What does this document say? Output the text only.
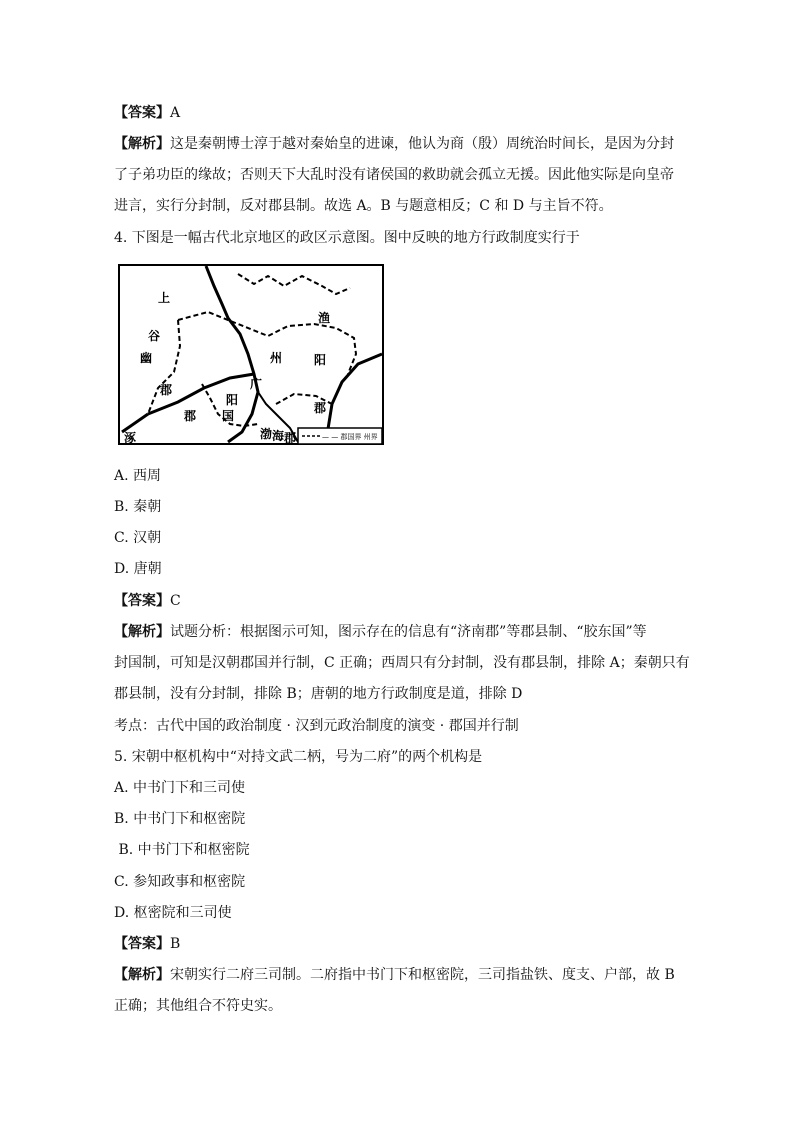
【答案】A
【解析】这是秦朝博士淳于越对秦始皇的进谏，他认为商（殷）周统治时间长，是因为分封
了子弟功臣的缘故；否则天下大乱时没有诸侯国的救助就会孤立无援。因此他实际是向皇帝
进言，实行分封制，反对郡县制。故选 A。B 与题意相反；C 和 D 与主旨不符。
4. 下图是一幅古代北京地区的政区示意图。图中反映的地方行政制度实行于
— — 郡国界 州界
上
谷
幽
郡
渔
州	阳
郡
广
阳
国
涿
郡
渤 海 郡
A. 西周
B. 秦朝
C. 汉朝
D. 唐朝
【答案】C
【解析】试题分析：根据图示可知，图示存在的信息有“济南郡”等郡县制、“胶东国”等
封国制，可知是汉朝郡国并行制，C 正确；西周只有分封制，没有郡县制，排除 A；秦朝只有
郡县制，没有分封制，排除 B；唐朝的地方行政制度是道，排除 D
考点：古代中国的政治制度 · 汉到元政治制度的演变 · 郡国并行制
5. 宋朝中枢机构中“对持文武二柄，号为二府”的两个机构是
A. 中书门下和三司使
B. 中书门下和枢密院
B. 中书门下和枢密院
C. 参知政事和枢密院
D. 枢密院和三司使
【答案】B
【解析】宋朝实行二府三司制。二府指中书门下和枢密院，三司指盐铁、度支、户部，故 B
正确；其他组合不符史实。
